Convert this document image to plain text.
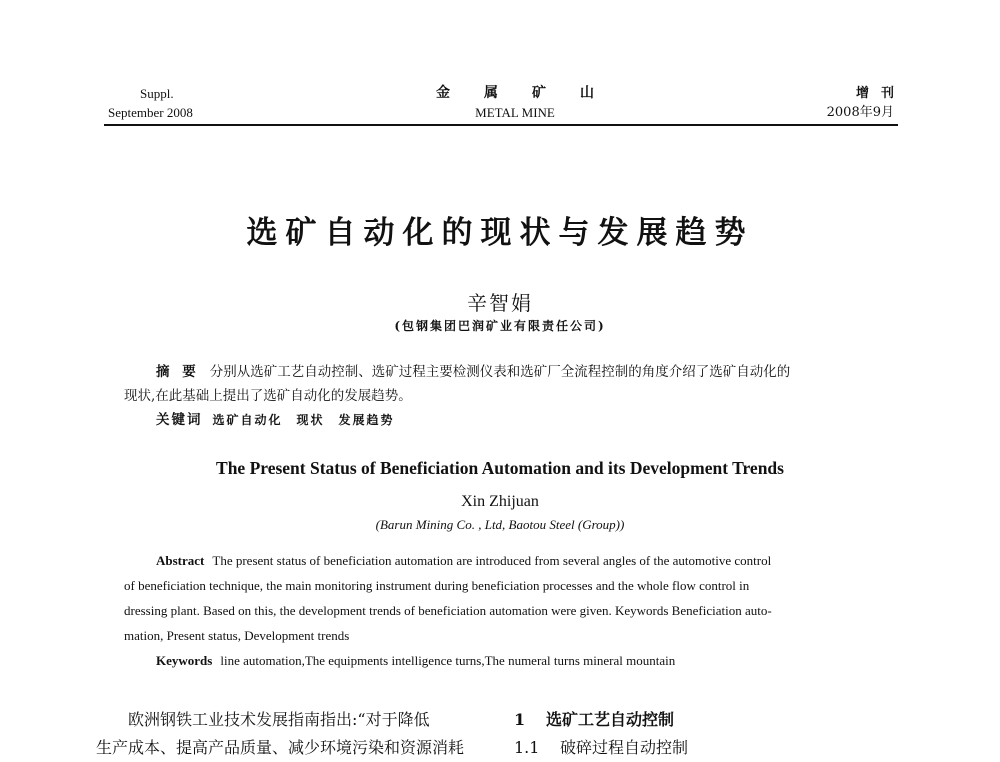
Suppl.
September 2008
金属矿山
METAL MINE
增刊
2008年9月
选矿自动化的现状与发展趋势
辛智娟
(包钢集团巴润矿业有限责任公司)

摘 要 分别从选矿工艺自动控制、选矿过程主要检测仪表和选矿厂全流程控制的角度介绍了选矿自动化的

现状,在此基础上提出了选矿自动化的发展趋势。

关键词 选矿自动化 现状 发展趋势

The Present Status of Beneficiation Automation and its Development Trends
Xin Zhijuan
(Barun Mining Co. , Ltd, Baotou Steel (Group))

Abstract The present status of beneficiation automation are introduced from several angles of the automotive control

of beneficiation technique, the main monitoring instrument during beneficiation processes and the whole flow control in

dressing plant. Based on this, the development trends of beneficiation automation were given. Keywords Beneficiation auto-

mation, Present status, Development trends

Keywords line automation,The equipments intelligence turns,The numeral turns mineral mountain

欧洲钢铁工业技术发展指南指出:“对于降低
生产成本、提高产品质量、减少环境污染和资源消耗
1 选矿工艺自动控制
1.1 破碎过程自动控制
